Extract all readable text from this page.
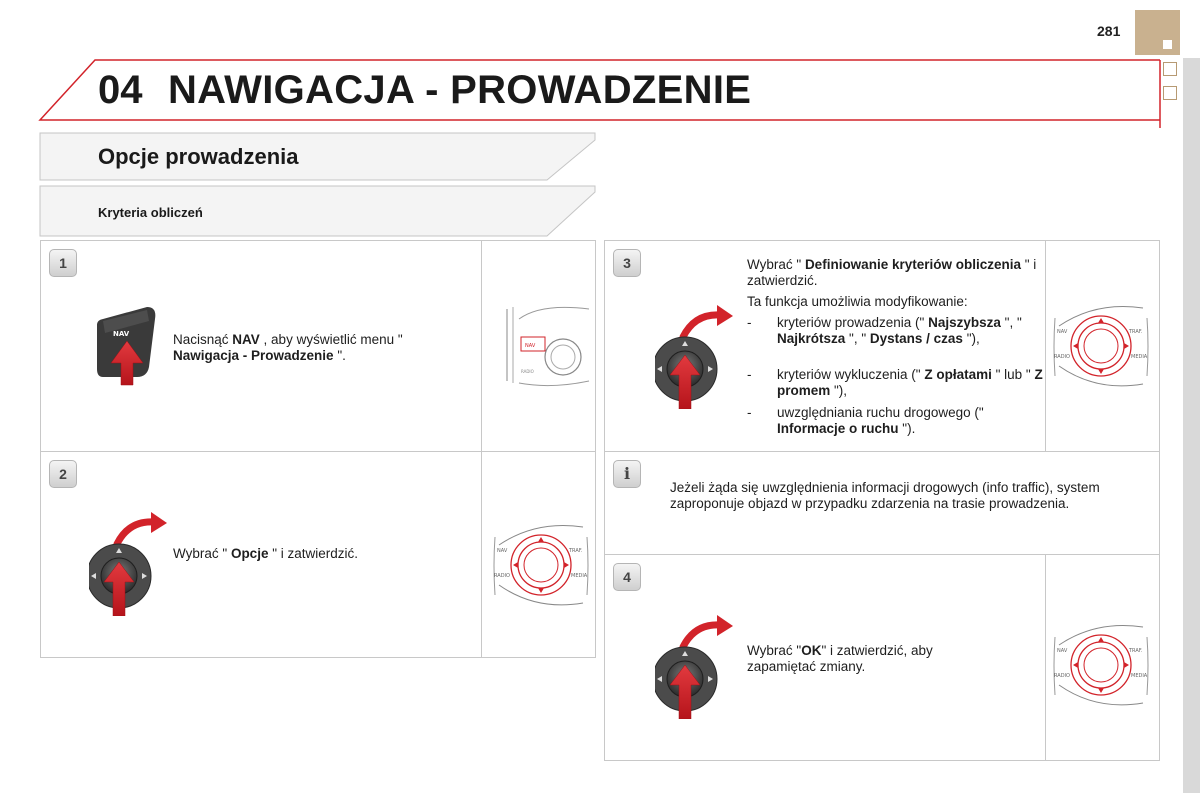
281
04 NAWIGACJA - PROWADZENIE
Opcje prowadzenia
Kryteria obliczeń
1
NAV	Nacisnąć NAV , aby wyświetlić menu " Nawigacja - Prowadzenie ".
NAV
RADIO
2
Wybrać " Opcje " i zatwierdzić.	NAV	TRAF.
RADIO	MEDIA
3	Wybrać " Definiowanie kryteriów obliczenia " i zatwierdzić.
Ta funkcja umożliwia modyfikowanie:
- kryteriów prowadzenia (" Najszybsza ", " Najkrótsza ", " Dystans / czas "),
- kryteriów wykluczenia (" Z opłatami " lub " Z promem "),
- uwzględniania ruchu drogowego (" Informacje o ruchu ").
NAV	TRAF.
RADIO	MEDIA
i
Jeżeli żąda się uwzględnienia informacji drogowych (info traffic), system zaproponuje objazd w przypadku zdarzenia na trasie prowadzenia.
4
Wybrać "OK" i zatwierdzić, aby zapamiętać zmiany.
NAV	TRAF.
RADIO	MEDIA
